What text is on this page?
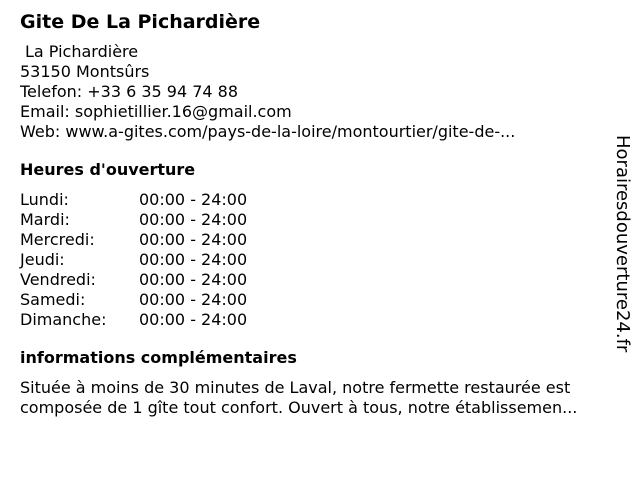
Gite De La Pichardière
La Pichardière
53150 Montsûrs
Telefon: +33 6 35 94 74 88
Email: sophietillier.16@gmail.com
Web: www.a-gites.com/pays-de-la-loire/montourtier/gite-de-...
Heures d'ouverture
Lundi:	00:00 - 24:00
Mardi:	00:00 - 24:00
Mercredi:	00:00 - 24:00
Jeudi:	00:00 - 24:00
Vendredi:	00:00 - 24:00
Samedi:	00:00 - 24:00
Dimanche:	00:00 - 24:00
informations complémentaires
Située à moins de 30 minutes de Laval, notre fermette restaurée est
composée de 1 gîte tout confort. Ouvert à tous, notre établissemen...
Horairesdouverture24.fr
